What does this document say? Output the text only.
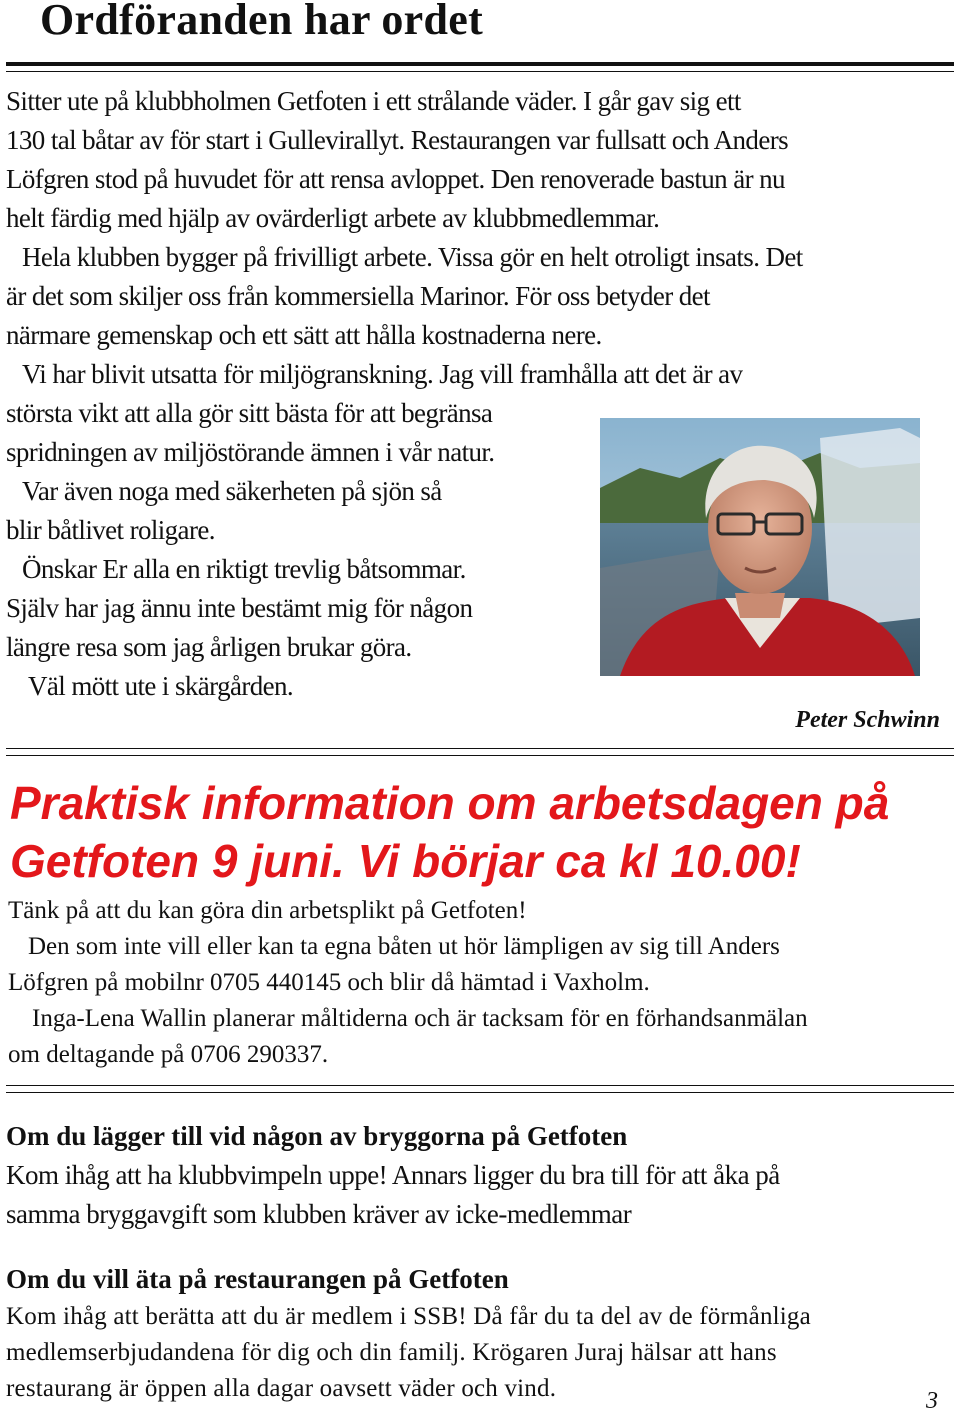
Ordföranden har ordet
Sitter ute på klubbholmen Getfoten i ett strålande väder. I går gav sig ett
130 tal båtar av för start i Gullevirallyt. Restaurangen var fullsatt och Anders
Löfgren stod på huvudet för att rensa avloppet. Den renoverade bastun är nu
helt färdig med hjälp av ovärderligt arbete av klubbmedlemmar.
Hela klubben bygger på frivilligt arbete. Vissa gör en helt otroligt insats. Det
är det som skiljer oss från kommersiella Marinor. För oss betyder det
närmare gemenskap och ett sätt att hålla kostnaderna nere.
Vi har blivit utsatta för miljögranskning. Jag vill framhålla att det är av
största vikt att alla gör sitt bästa för att begränsa
spridningen av miljöstörande ämnen i vår natur.
Var även noga med säkerheten på sjön så
blir båtlivet roligare.
Önskar Er alla en riktigt trevlig båtsommar.
Själv har jag ännu inte bestämt mig för någon
längre resa som jag årligen brukar göra.
Väl mött ute i skärgården.
Peter Schwinn
Praktisk information om arbetsdagen på
Getfoten 9 juni. Vi börjar ca kl 10.00!
Tänk på att du kan göra din arbetsplikt på Getfoten!
Den som inte vill eller kan ta egna båten ut hör lämpligen av sig till Anders
Löfgren på mobilnr 0705 440145 och blir då hämtad i Vaxholm.
Inga-Lena Wallin planerar måltiderna och är tacksam för en förhandsanmälan
om deltagande på 0706 290337.
Om du lägger till vid någon av bryggorna på Getfoten
Kom ihåg att ha klubbvimpeln uppe! Annars ligger du bra till för att åka på
samma bryggavgift som klubben kräver av icke-medlemmar
Om du vill äta på restaurangen på Getfoten
Kom ihåg att berätta att du är medlem i SSB! Då får du ta del av de förmånliga
medlemserbjudandena för dig och din familj. Krögaren Juraj hälsar att hans
restaurang är öppen alla dagar oavsett väder och vind.	3
